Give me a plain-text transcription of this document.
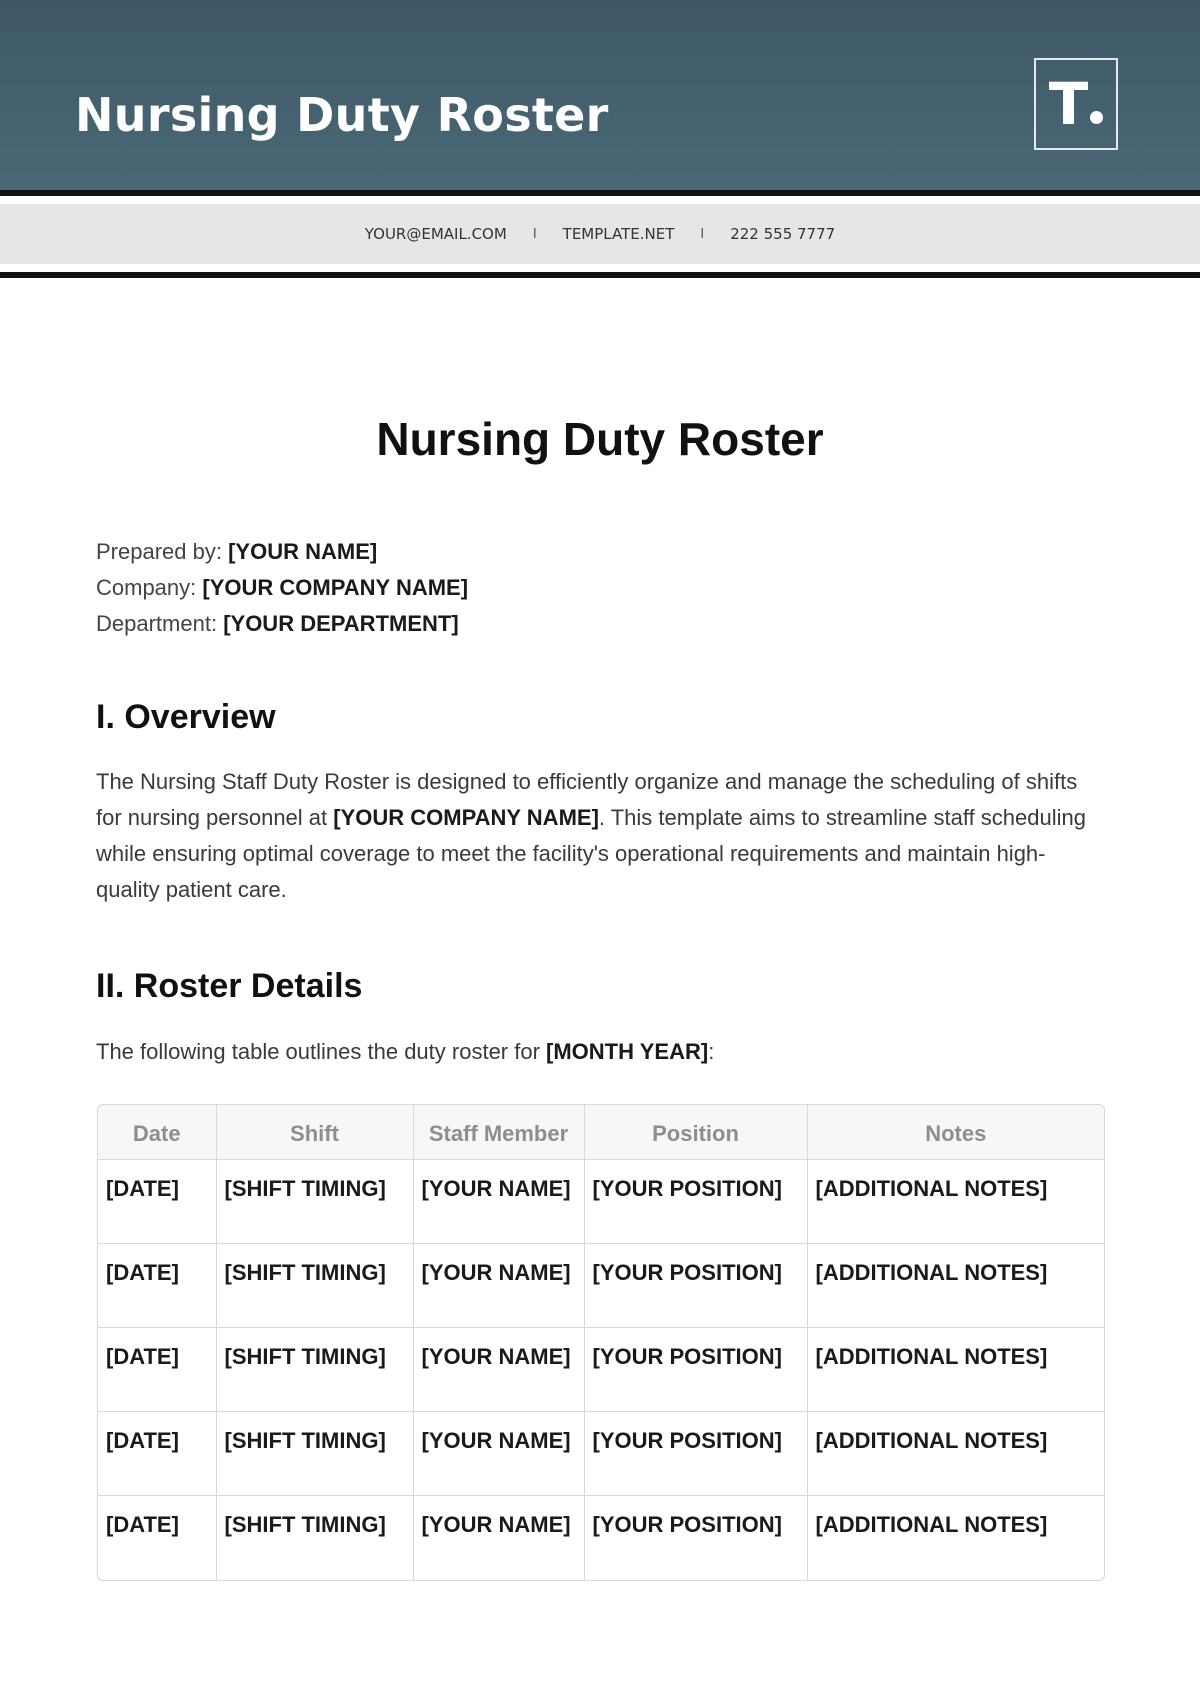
Nursing Duty Roster	T
YOUR@EMAIL.COM I TEMPLATE.NET I 222 555 7777
Nursing Duty Roster
Prepared by: [YOUR NAME]
Company: [YOUR COMPANY NAME]
Department: [YOUR DEPARTMENT]
I. Overview

The Nursing Staff Duty Roster is designed to efficiently organize and manage the scheduling of shifts for nursing personnel at [YOUR COMPANY NAME]. This template aims to streamline staff scheduling while ensuring optimal coverage to meet the facility's operational requirements and maintain high-quality patient care.

II. Roster Details

The following table outlines the duty roster for [MONTH YEAR]:

Date	Shift	Staff Member	Position	Notes
[DATE]	[SHIFT TIMING]	[YOUR NAME]	[YOUR POSITION]	[ADDITIONAL NOTES]
[DATE]	[SHIFT TIMING]	[YOUR NAME]	[YOUR POSITION]	[ADDITIONAL NOTES]
[DATE]	[SHIFT TIMING]	[YOUR NAME]	[YOUR POSITION]	[ADDITIONAL NOTES]
[DATE]	[SHIFT TIMING]	[YOUR NAME]	[YOUR POSITION]	[ADDITIONAL NOTES]
[DATE]	[SHIFT TIMING]	[YOUR NAME]	[YOUR POSITION]	[ADDITIONAL NOTES]
